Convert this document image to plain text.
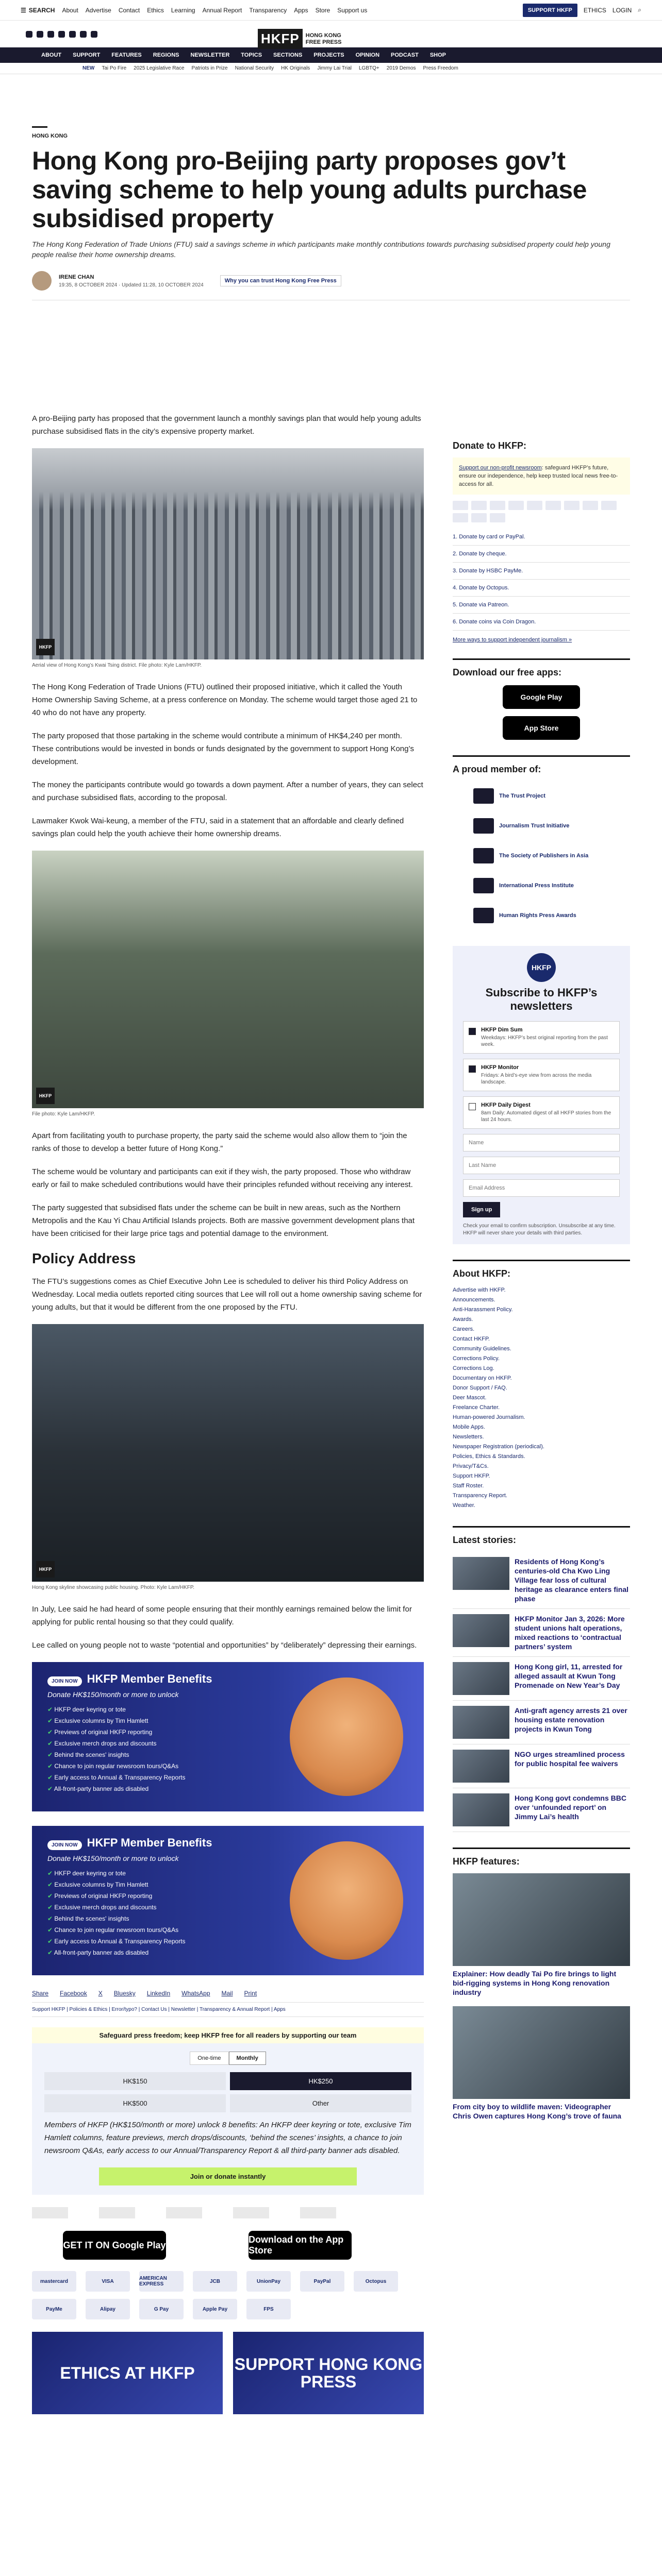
☰ SEARCH About Advertise Contact Ethics Learning Annual Report Transparency Apps Store Support us	SUPPORT HKFP	ETHICS LOGIN ⌕
HKFP	HONG KONG FREE PRESS
ABOUT SUPPORT FEATURES REGIONS NEWSLETTER TOPICS SECTIONS PROJECTS OPINION PODCAST SHOP
NEW Tai Po Fire 2025 Legislative Race Patriots in Prize National Security HK Originals Jimmy Lai Trial LGBTQ+ 2019 Demos Press Freedom
HONG KONG
Hong Kong pro-Beijing party proposes gov’t saving scheme to help young adults purchase subsidised property

The Hong Kong Federation of Trade Unions (FTU) said a savings scheme in which participants make monthly contributions towards purchasing subsidised property could help young people realise their home ownership dreams.

IRENE CHAN
19:35, 8 OCTOBER 2024 · Updated 11:28, 10 OCTOBER 2024
Why you can trust Hong Kong Free Press

A pro-Beijing party has proposed that the government launch a monthly savings plan that would help young adults purchase subsidised flats in the city’s expensive property market.

HKFP
Aerial view of Hong Kong’s Kwai Tsing district. File photo: Kyle Lam/HKFP.

The Hong Kong Federation of Trade Unions (FTU) outlined their proposed initiative, which it called the Youth Home Ownership Saving Scheme, at a press conference on Monday. The scheme would target those aged 21 to 40 who do not have any property.

The party proposed that those partaking in the scheme would contribute a minimum of HK$4,240 per month. These contributions would be invested in bonds or funds designated by the government to support Hong Kong’s development.

The money the participants contribute would go towards a down payment. After a number of years, they can select and purchase subsidised flats, according to the proposal.

Lawmaker Kwok Wai-keung, a member of the FTU, said in a statement that an affordable and clearly defined savings plan could help the youth achieve their home ownership dreams.

HKFP
File photo: Kyle Lam/HKFP.

Apart from facilitating youth to purchase property, the party said the scheme would also allow them to “join the ranks of those to develop a better future of Hong Kong.”

The scheme would be voluntary and participants can exit if they wish, the party proposed. Those who withdraw early or fail to make scheduled contributions would have their principles refunded without receiving any interest.

The party suggested that subsidised flats under the scheme can be built in new areas, such as the Northern Metropolis and the Kau Yi Chau Artificial Islands projects. Both are massive government development plans that have been criticised for their large price tags and potential damage to the environment.

Policy Address

The FTU’s suggestions comes as Chief Executive John Lee is scheduled to deliver his third Policy Address on Wednesday. Local media outlets reported citing sources that Lee will roll out a home ownership saving scheme for young adults, but that it would be different from the one proposed by the FTU.

HKFP
Hong Kong skyline showcasing public housing. Photo: Kyle Lam/HKFP.

In July, Lee said he had heard of some people ensuring that their monthly earnings remained below the limit for applying for public rental housing so that they could qualify.

Lee called on young people not to waste “potential and opportunities” by “deliberately” depressing their earnings.

JOIN NOW HKFP Member Benefits
Donate HK$150/month or more to unlock
✔ HKFP deer keyring or tote
✔ Exclusive columns by Tim Hamlett
✔ Previews of original HKFP reporting
✔ Exclusive merch drops and discounts
✔ Behind the scenes' insights
✔ Chance to join regular newsroom tours/Q&As
✔ Early access to Annual & Transparency Reports
✔ All-front-party banner ads disabled
JOIN NOW HKFP Member Benefits
Donate HK$150/month or more to unlock
✔ HKFP deer keyring or tote
✔ Exclusive columns by Tim Hamlett
✔ Previews of original HKFP reporting
✔ Exclusive merch drops and discounts
✔ Behind the scenes' insights
✔ Chance to join regular newsroom tours/Q&As
✔ Early access to Annual & Transparency Reports
✔ All-front-party banner ads disabled
Share Facebook X Bluesky LinkedIn WhatsApp Mail Print
Support HKFP | Policies & Ethics | Error/typo? | Contact Us | Newsletter | Transparency & Annual Report | Apps
Safeguard press freedom; keep HKFP free for all readers by supporting our team
One-time	Monthly
HK$150	HK$250
HK$500	Other

Members of HKFP (HK$150/month or more) unlock 8 benefits: An HKFP deer keyring or tote, exclusive Tim Hamlett columns, feature previews, merch drops/discounts, ‘behind the scenes’ insights, a chance to join newsroom Q&As, early access to our Annual/Transparency Report & all third-party banner ads disabled.

Join or donate instantly
GET IT ON Google Play
Download on the App Store
mastercard	VISA	AMERICAN EXPRESS	JCB	UnionPay	PayPal	Octopus
PayMe	Alipay	G Pay	Apple Pay	FPS
ETHICS AT HKFP	SUPPORT HONG KONG PRESS
Donate to HKFP:
Support our non-profit newsroom: safeguard HKFP’s future, ensure our independence, help keep trusted local news free-to-access for all.
1. Donate by card or PayPal.
2. Donate by cheque.
3. Donate by HSBC PayMe.
4. Donate by Octopus.
5. Donate via Patreon.
6. Donate coins via Coin Dragon.
More ways to support independent journalism »
Download our free apps:
Google Play
App Store
A proud member of:
The Trust Project
Journalism Trust Initiative
The Society of Publishers in Asia
International Press Institute
Human Rights Press Awards
HKFP
Subscribe to HKFP’s newsletters
HKFP Dim Sum
Weekdays: HKFP’s best original reporting from the past week.
HKFP Monitor
Fridays: A bird’s-eye view from across the media landscape.
HKFP Daily Digest
8am Daily: Automated digest of all HKFP stories from the last 24 hours.
Name
Last Name
Email Address
Sign up

Check your email to confirm subscription. Unsubscribe at any time. HKFP will never share your details with third parties.

About HKFP:
Advertise with HKFP.
Announcements.
Anti-Harassment Policy.
Awards.
Careers.
Contact HKFP.
Community Guidelines.
Corrections Policy.
Corrections Log.
Documentary on HKFP.
Donor Support / FAQ.
Deer Mascot.
Freelance Charter.
Human-powered Journalism.
Mobile Apps.
Newsletters.
Newspaper Registration (periodical).
Policies, Ethics & Standards.
Privacy/T&Cs.
Support HKFP.
Staff Roster.
Transparency Report.
Weather.
Latest stories:
Residents of Hong Kong’s centuries-old Cha Kwo Ling Village fear loss of cultural heritage as clearance enters final phase
HKFP Monitor Jan 3, 2026: More student unions halt operations, mixed reactions to ‘contractual partners’ system
Hong Kong girl, 11, arrested for alleged assault at Kwun Tong Promenade on New Year’s Day
Anti-graft agency arrests 21 over housing estate renovation projects in Kwun Tong
NGO urges streamlined process for public hospital fee waivers
Hong Kong govt condemns BBC over ‘unfounded report’ on Jimmy Lai’s health
HKFP features:
Explainer: How deadly Tai Po fire brings to light bid-rigging systems in Hong Kong renovation industry
From city boy to wildlife maven: Videographer Chris Owen captures Hong Kong’s trove of fauna
